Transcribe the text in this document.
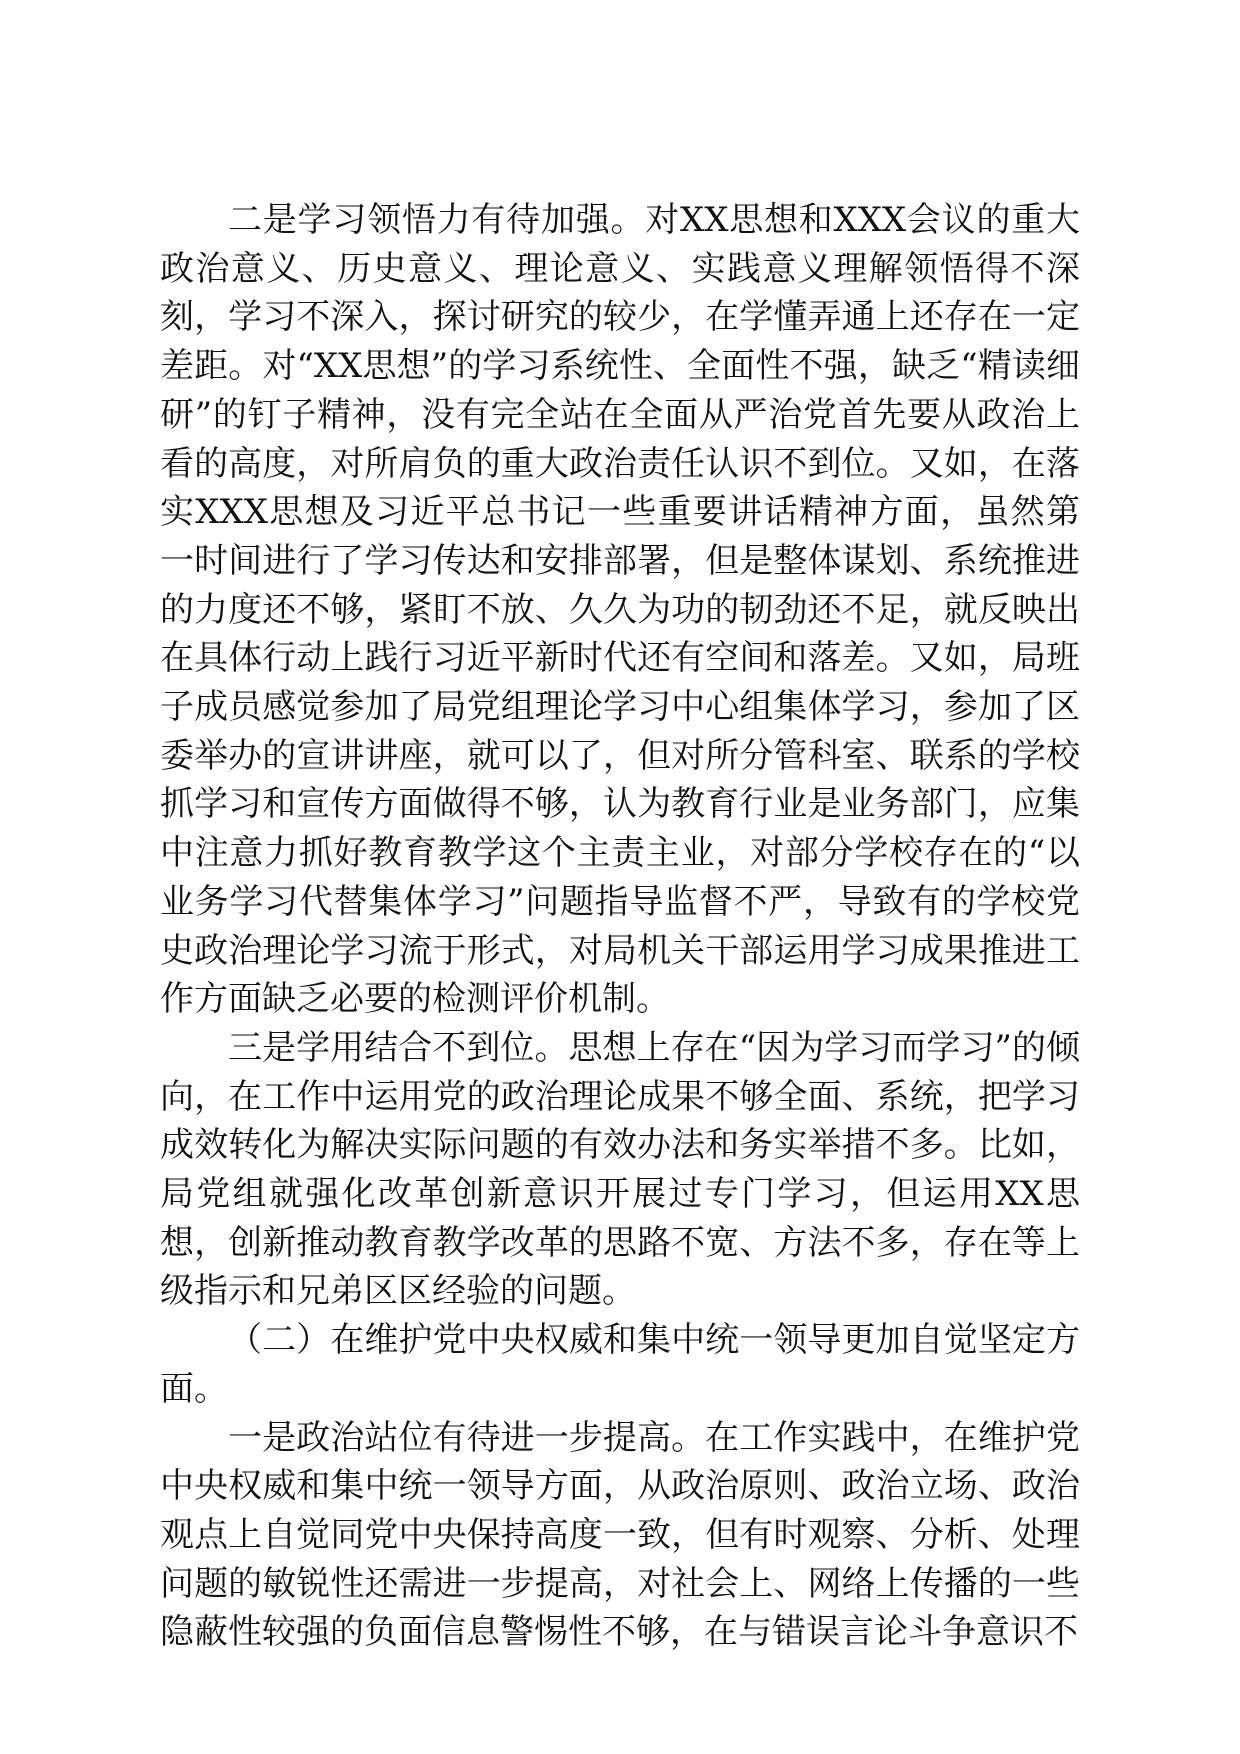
二是学习领悟力有待加强。对XX思想和XXX会议的重大政治意义、历史意义、理论意义、实践意义理解领悟得不深刻，学习不深入，探讨研究的较少，在学懂弄通上还存在一定差距。对“XX思想”的学习系统性、全面性不强，缺乏“精读细研”的钉子精神，没有完全站在全面从严治党首先要从政治上看的高度，对所肩负的重大政治责任认识不到位。又如，在落实XXX思想及习近平总书记一些重要讲话精神方面，虽然第一时间进行了学习传达和安排部署，但是整体谋划、系统推进的力度还不够，紧盯不放、久久为功的韧劲还不足，就反映出在具体行动上践行习近平新时代还有空间和落差。又如，局班子成员感觉参加了局党组理论学习中心组集体学习，参加了区委举办的宣讲讲座，就可以了，但对所分管科室、联系的学校抓学习和宣传方面做得不够，认为教育行业是业务部门，应集中注意力抓好教育教学这个主责主业，对部分学校存在的“以业务学习代替集体学习”问题指导监督不严，导致有的学校党史政治理论学习流于形式，对局机关干部运用学习成果推进工作方面缺乏必要的检测评价机制。

三是学用结合不到位。思想上存在“因为学习而学习”的倾向，在工作中运用党的政治理论成果不够全面、系统，把学习成效转化为解决实际问题的有效办法和务实举措不多。比如，局党组就强化改革创新意识开展过专门学习，但运用XX思想，创新推动教育教学改革的思路不宽、方法不多，存在等上级指示和兄弟区区经验的问题。

（二）在维护党中央权威和集中统一领导更加自觉坚定方面。

一是政治站位有待进一步提高。在工作实践中，在维护党中央权威和集中统一领导方面，从政治原则、政治立场、政治观点上自觉同党中央保持高度一致，但有时观察、分析、处理问题的敏锐性还需进一步提高，对社会上、网络上传播的一些隐蔽性较强的负面信息警惕性不够，在与错误言论斗争意识不
